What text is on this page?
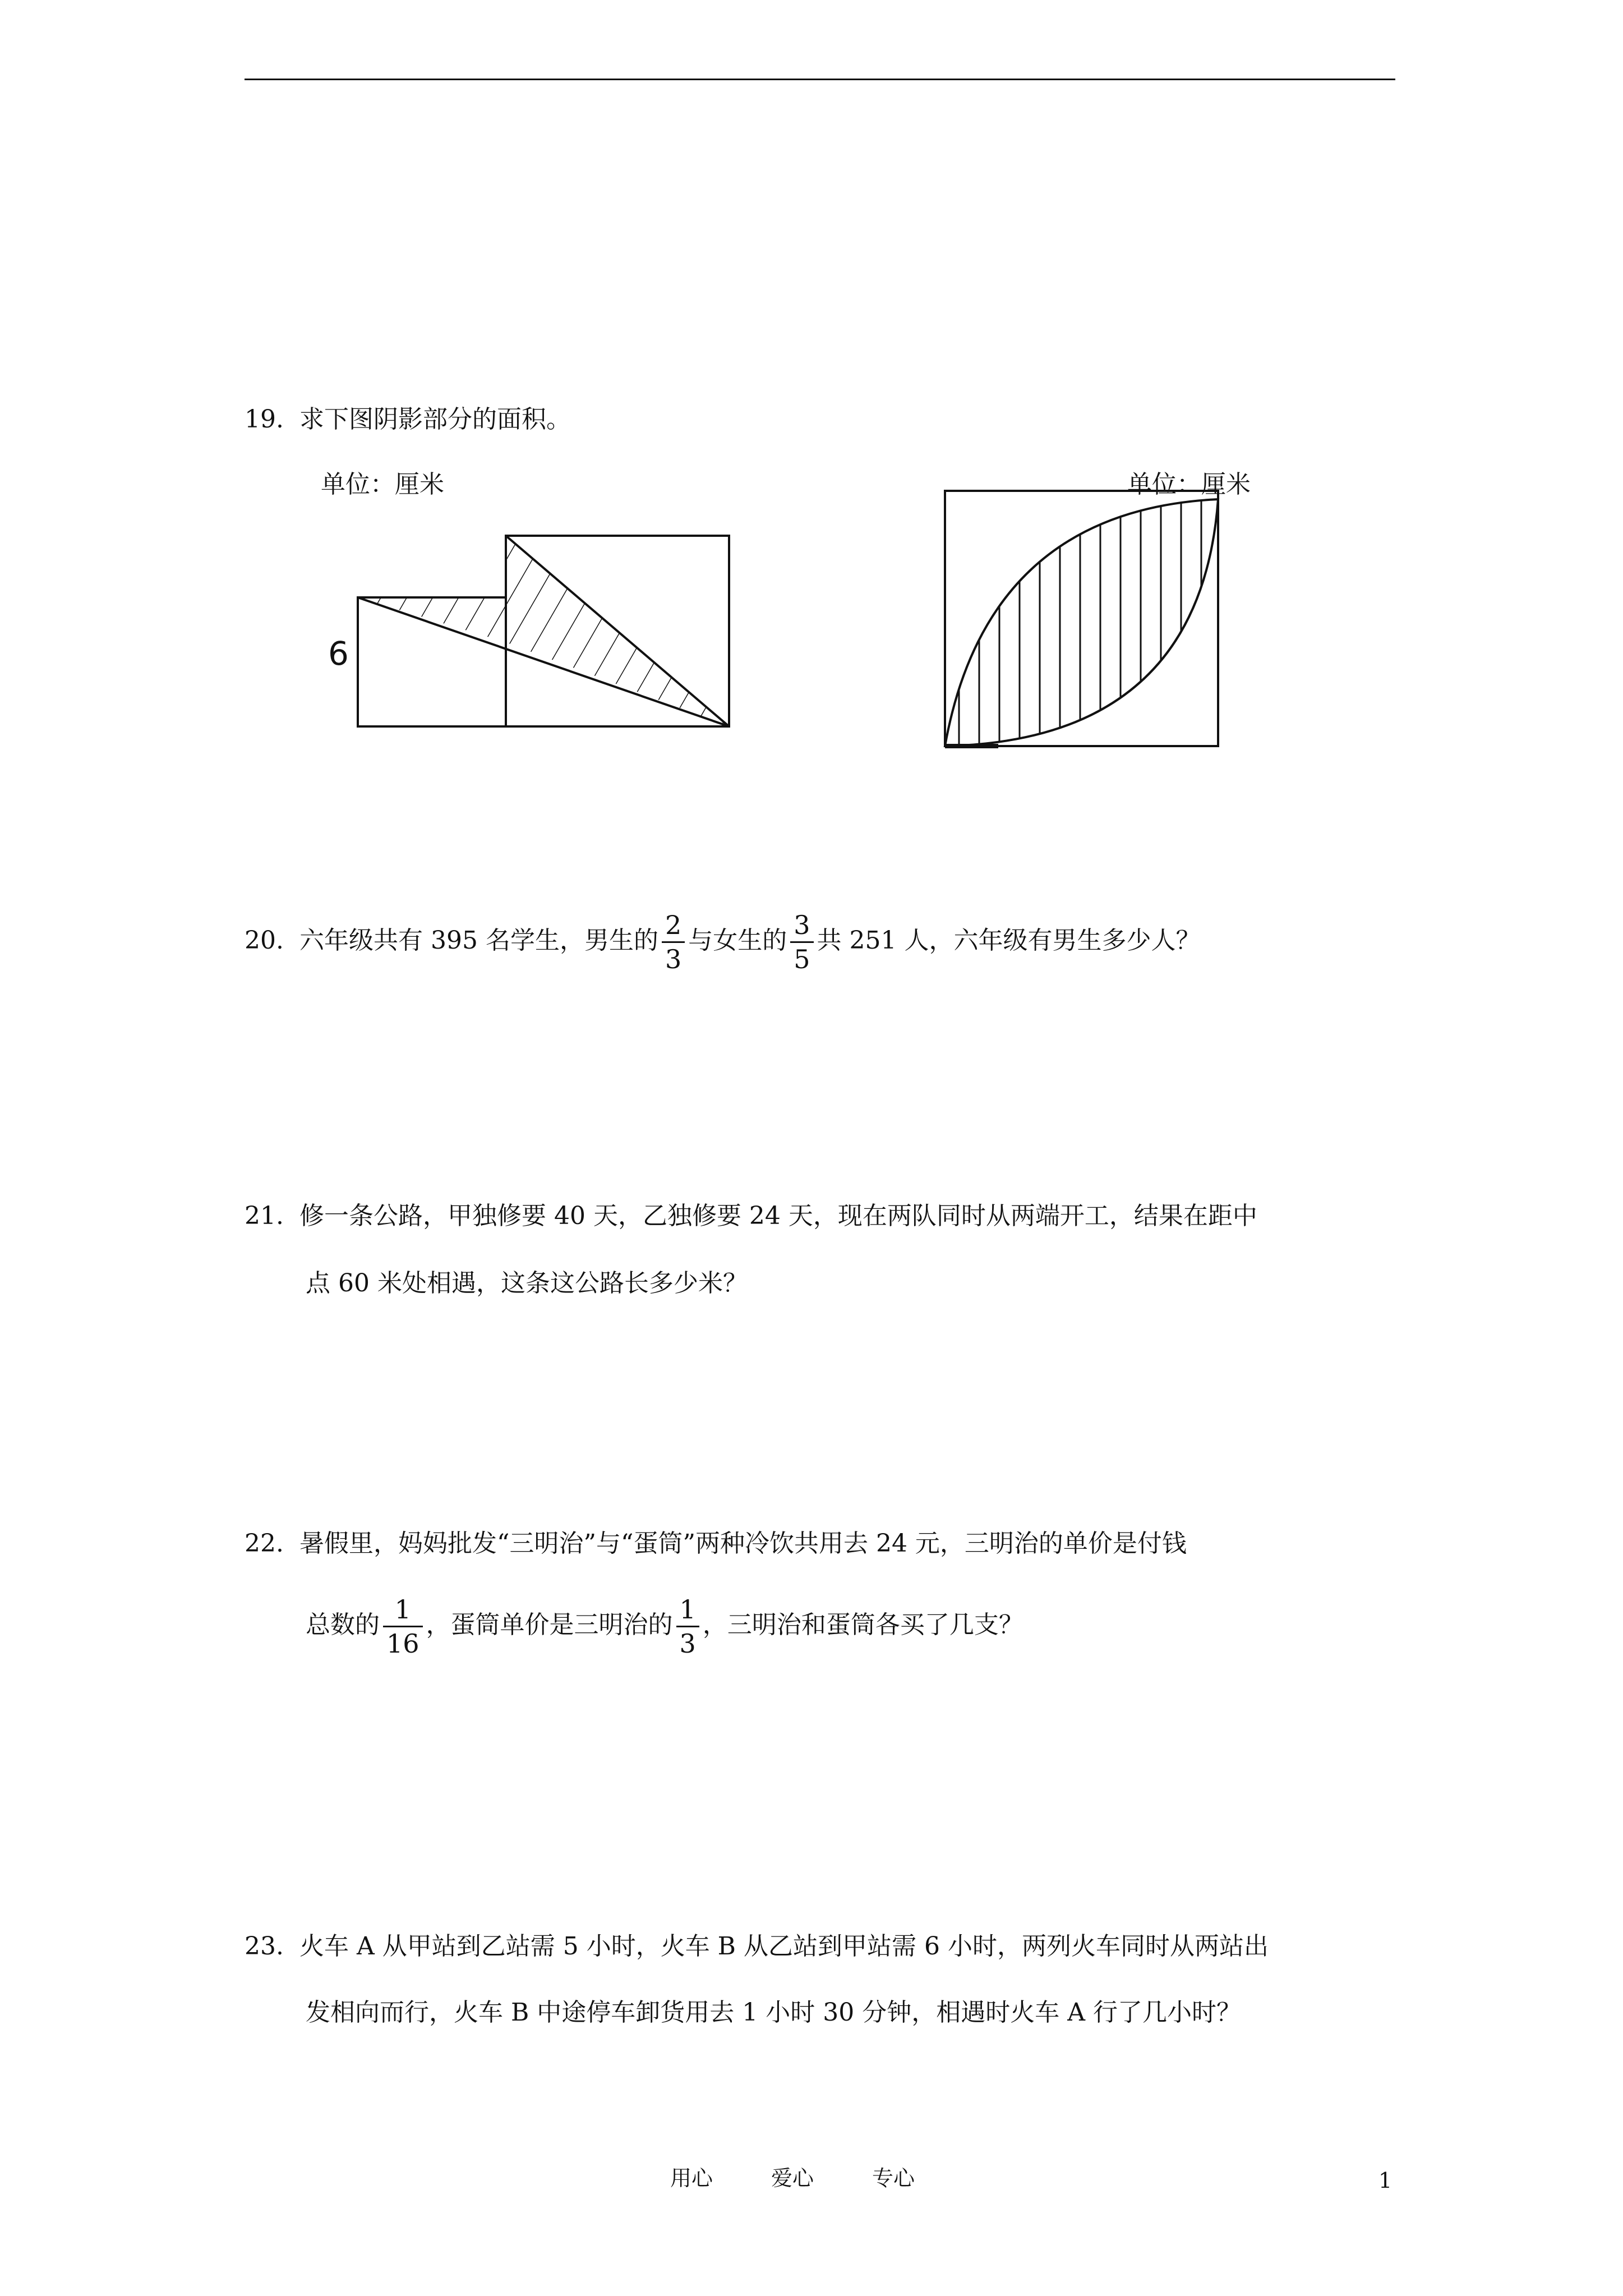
19. 求下图阴影部分的面积。
单位：厘米
6
单位：厘米
20. 六年级共有 395 名学生，男生的 $\frac{2}{3}$ 与女生的 $\frac{3}{5}$ 共 251 人，六年级有男生多少人？
21. 修一条公路，甲独修要 40 天，乙独修要 24 天，现在两队同时从两端开工，结果在距中
点 60 米处相遇，这条这公路长多少米？
22. 暑假里，妈妈批发“三明治”与“蛋筒”两种冷饮共用去 24 元，三明治的单价是付钱
总数的 $\frac{1}{16}$ ，蛋筒单价是三明治的 $\frac{1}{3}$ ，三明治和蛋筒各买了几支？
23. 火车 A 从甲站到乙站需 5 小时，火车 B 从乙站到甲站需 6 小时，两列火车同时从两站出
发相向而行，火车 B 中途停车卸货用去 1 小时 30 分钟，相遇时火车 A 行了几小时？
用心	爱心	专心	1
